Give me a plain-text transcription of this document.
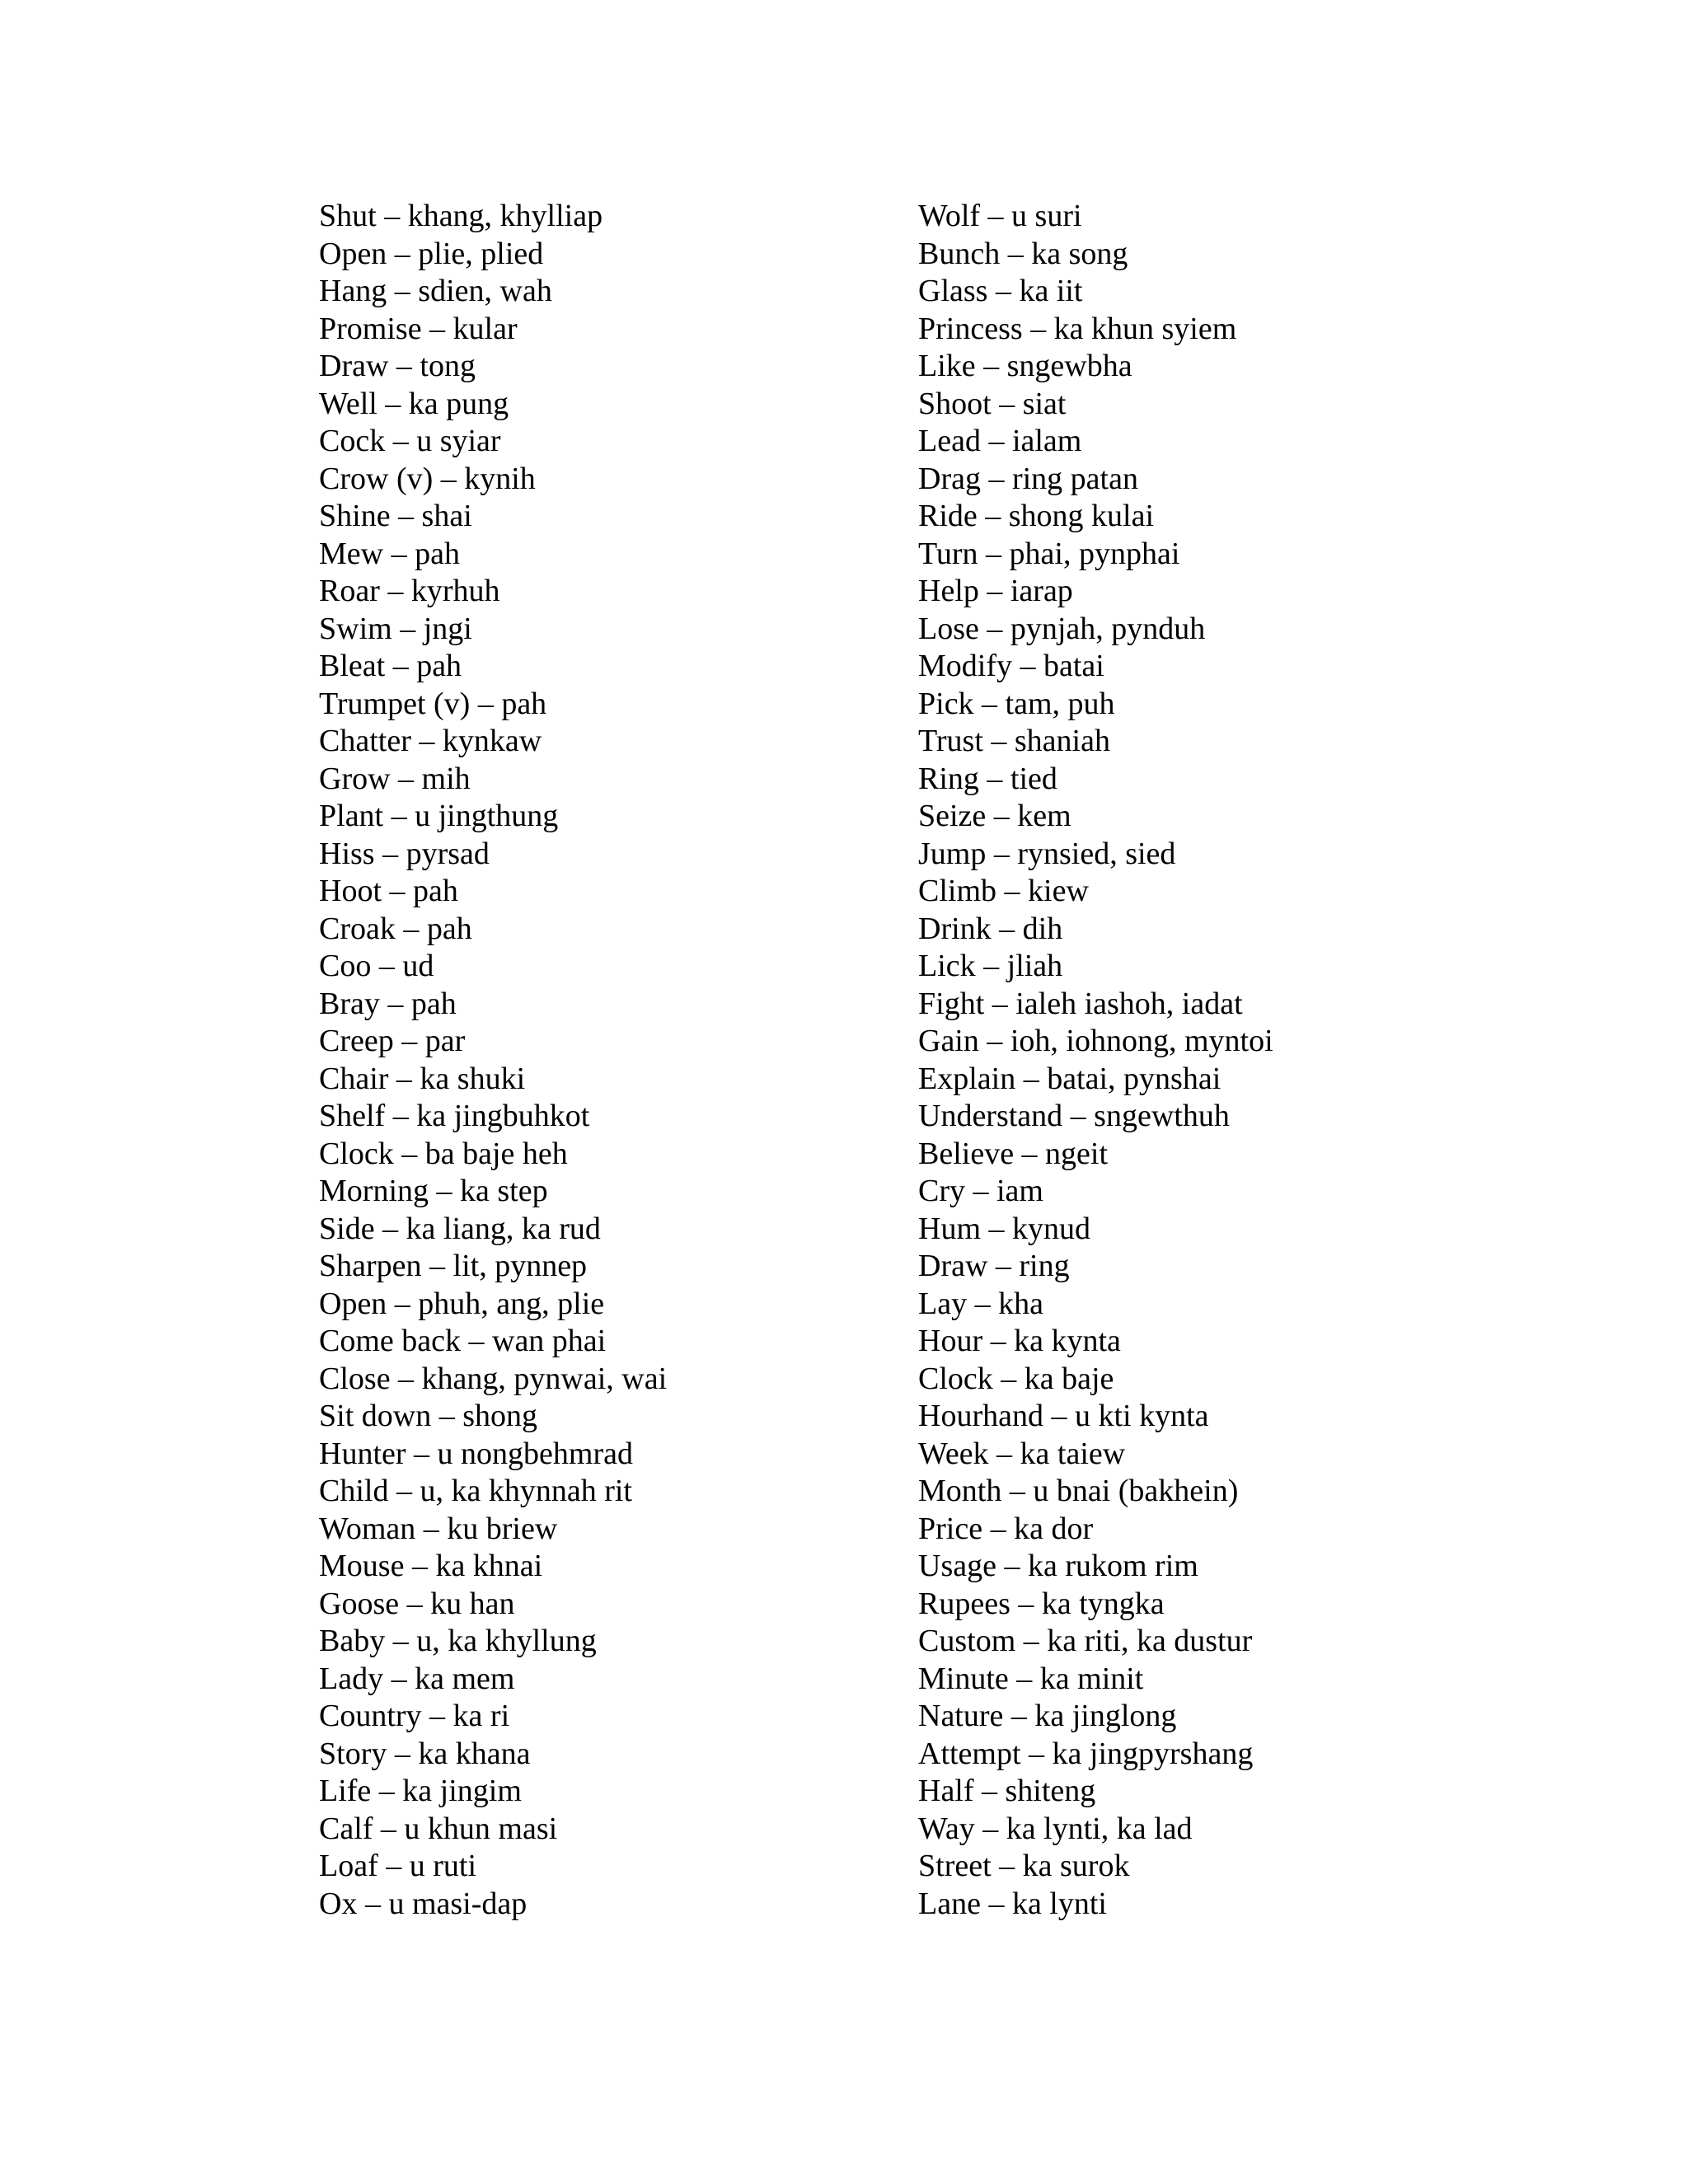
Shut – khang, khylliap
Open – plie, plied
Hang – sdien, wah
Promise – kular
Draw – tong
Well – ka pung
Cock – u syiar
Crow (v) – kynih
Shine – shai
Mew – pah
Roar – kyrhuh
Swim – jngi
Bleat – pah
Trumpet (v) – pah
Chatter – kynkaw
Grow – mih
Plant – u jingthung
Hiss – pyrsad
Hoot – pah
Croak – pah
Coo – ud
Bray – pah
Creep – par
Chair – ka shuki
Shelf – ka jingbuhkot
Clock – ba baje heh
Morning – ka step
Side – ka liang, ka rud
Sharpen – lit, pynnep
Open – phuh, ang, plie
Come back – wan phai
Close – khang, pynwai, wai
Sit down – shong
Hunter – u nongbehmrad
Child – u, ka khynnah rit
Woman – ku briew
Mouse – ka khnai
Goose – ku han
Baby – u, ka khyllung
Lady – ka mem
Country – ka ri
Story – ka khana
Life – ka jingim
Calf – u khun masi
Loaf – u ruti
Ox – u masi-dap
Wolf – u suri
Bunch – ka song
Glass – ka iit
Princess – ka khun syiem
Like – sngewbha
Shoot – siat
Lead – ialam
Drag – ring patan
Ride – shong kulai
Turn – phai, pynphai
Help – iarap
Lose – pynjah, pynduh
Modify – batai
Pick – tam, puh
Trust – shaniah
Ring – tied
Seize – kem
Jump – rynsied, sied
Climb – kiew
Drink – dih
Lick – jliah
Fight – ialeh iashoh, iadat
Gain – ioh, iohnong, myntoi
Explain – batai, pynshai
Understand – sngewthuh
Believe – ngeit
Cry – iam
Hum – kynud
Draw – ring
Lay – kha
Hour – ka kynta
Clock – ka baje
Hourhand – u kti kynta
Week – ka taiew
Month – u bnai (bakhein)
Price – ka dor
Usage – ka rukom rim
Rupees – ka tyngka
Custom – ka riti, ka dustur
Minute – ka minit
Nature – ka jinglong
Attempt – ka jingpyrshang
Half – shiteng
Way – ka lynti, ka lad
Street – ka surok
Lane – ka lynti
